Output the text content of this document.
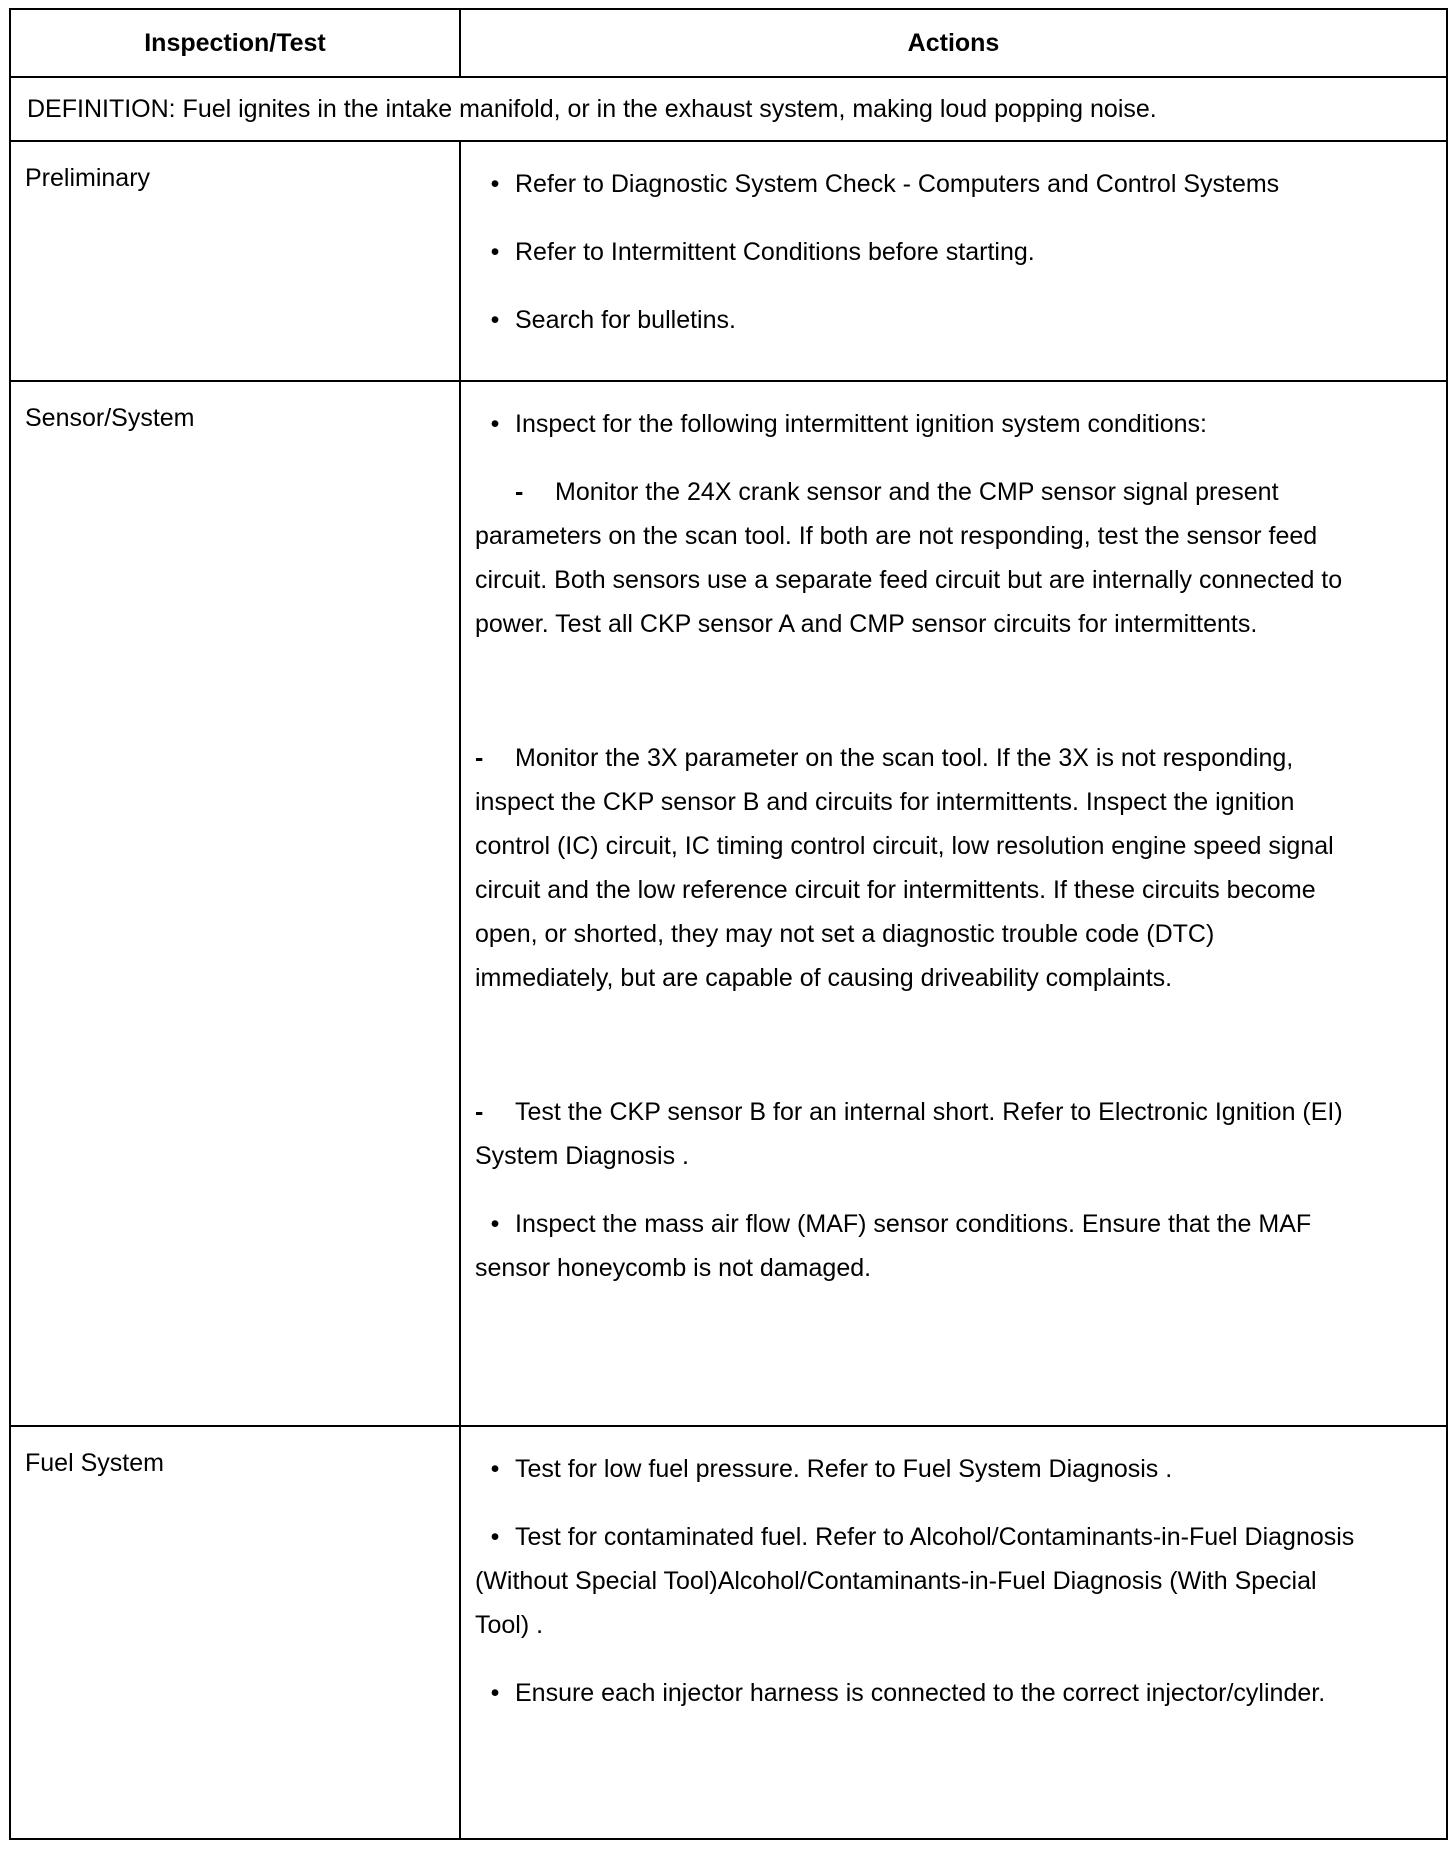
Inspection/Test	Actions
DEFINITION: Fuel ignites in the intake manifold, or in the exhaust system, making loud popping noise.	
Preliminary	• Refer to Diagnostic System Check - Computers and Control Systems

• Refer to Intermittent Conditions before starting.

• Search for bulletins.

Sensor/System	• Inspect for the following intermittent ignition system conditions:

- Monitor the 24X crank sensor and the CMP sensor signal present parameters on the scan tool. If both are not responding, test the sensor feed circuit. Both sensors use a separate feed circuit but are internally connected to power. Test all CKP sensor A and CMP sensor circuits for intermittents.

- Monitor the 3X parameter on the scan tool. If the 3X is not responding, inspect the CKP sensor B and circuits for intermittents. Inspect the ignition control (IC) circuit, IC timing control circuit, low resolution engine speed signal circuit and the low reference circuit for intermittents. If these circuits become open, or shorted, they may not set a diagnostic trouble code (DTC) immediately, but are capable of causing driveability complaints.

- Test the CKP sensor B for an internal short. Refer to Electronic Ignition (EI) System Diagnosis .

• Inspect the mass air flow (MAF) sensor conditions. Ensure that the MAF sensor honeycomb is not damaged.

Fuel System	• Test for low fuel pressure. Refer to Fuel System Diagnosis .

• Test for contaminated fuel. Refer to Alcohol/Contaminants-in-Fuel Diagnosis (Without Special Tool)Alcohol/Contaminants-in-Fuel Diagnosis (With Special Tool) .

• Ensure each injector harness is connected to the correct injector/cylinder.
